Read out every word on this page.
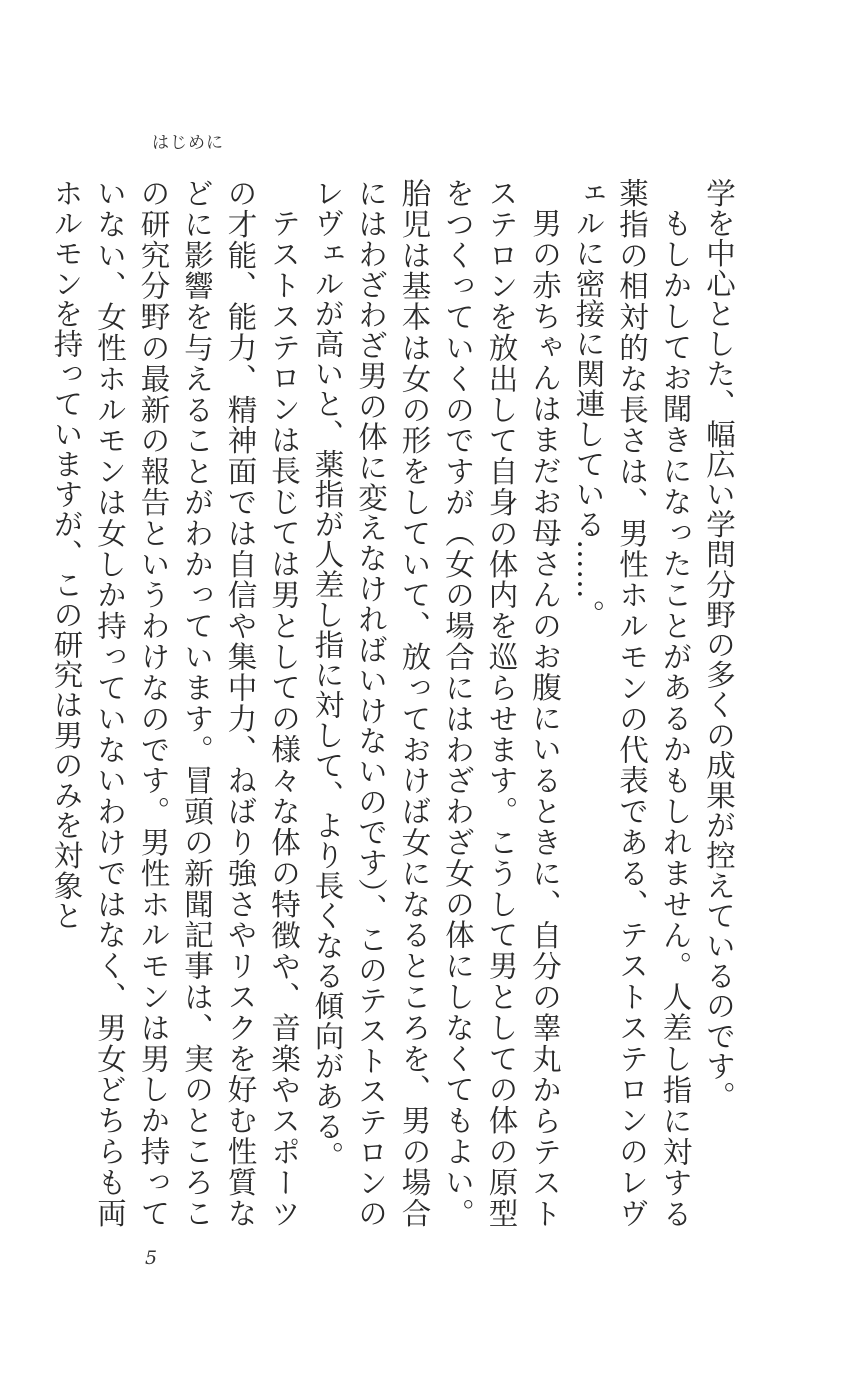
はじめに

学を中心とした、幅広い学問分野の多くの成果が控えているのです。

もしかしてお聞きになったことがあるかもしれません。人差し指に対する薬指の相対的な長さは、男性ホルモンの代表である、テストステロンのレヴェルに密接に関連している……。

男の赤ちゃんはまだお母さんのお腹にいるときに、自分の睾丸からテストステロンを放出して自身の体内を巡らせます。こうして男としての体の原型をつくっていくのですが（女の場合にはわざわざ女の体にしなくてもよい。胎児は基本は女の形をしていて、放っておけば女になるところを、男の場合にはわざわざ男の体に変えなければいけないのです）、このテストステロンのレヴェルが高いと、薬指が人差し指に対して、より長くなる傾向がある。

テストステロンは長じては男としての様々な体の特徴や、音楽やスポーツの才能、能力、精神面では自信や集中力、ねばり強さやリスクを好む性質などに影響を与えることがわかっています。冒頭の新聞記事は、実のところこの研究分野の最新の報告というわけなのです。男性ホルモンは男しか持っていない、女性ホルモンは女しか持っていないわけではなく、男女どちらも両ホルモンを持っていますが、この研究は男のみを対象と

5
